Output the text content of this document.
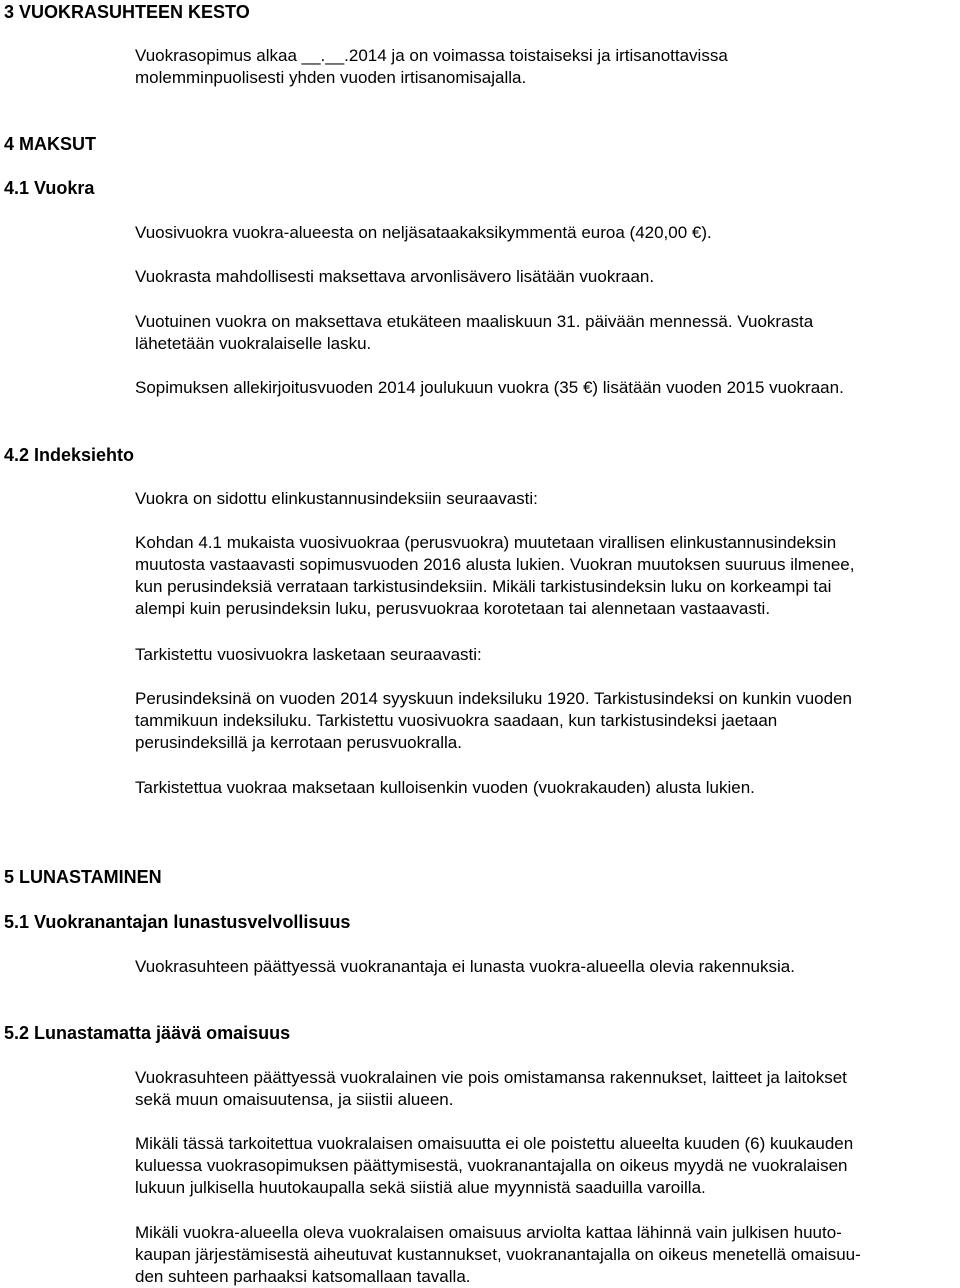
3 VUOKRASUHTEEN KESTO
Vuokrasopimus alkaa __.__.2014 ja on voimassa toistaiseksi ja irtisanottavissa
molemminpuolisesti yhden vuoden irtisanomisajalla.
4 MAKSUT
4.1 Vuokra
Vuosivuokra vuokra-alueesta on neljäsataakaksikymmentä euroa (420,00 €).
Vuokrasta mahdollisesti maksettava arvonlisävero lisätään vuokraan.
Vuotuinen vuokra on maksettava etukäteen maaliskuun 31. päivään mennessä. Vuokrasta
lähetetään vuokralaiselle lasku.
Sopimuksen allekirjoitusvuoden 2014 joulukuun vuokra (35 €) lisätään vuoden 2015 vuokraan.
4.2 Indeksiehto
Vuokra on sidottu elinkustannusindeksiin seuraavasti:
Kohdan 4.1 mukaista vuosivuokraa (perusvuokra) muutetaan virallisen elinkustannusindeksin
muutosta vastaavasti sopimusvuoden 2016 alusta lukien. Vuokran muutoksen suuruus ilmenee,
kun perusindeksiä verrataan tarkistusindeksiin. Mikäli tarkistusindeksin luku on korkeampi tai
alempi kuin perusindeksin luku, perusvuokraa korotetaan tai alennetaan vastaavasti.
Tarkistettu vuosivuokra lasketaan seuraavasti:
Perusindeksinä on vuoden 2014 syyskuun indeksiluku 1920. Tarkistusindeksi on kunkin vuoden
tammikuun indeksiluku. Tarkistettu vuosivuokra saadaan, kun tarkistusindeksi jaetaan
perusindeksillä ja kerrotaan perusvuokralla.
Tarkistettua vuokraa maksetaan kulloisenkin vuoden (vuokrakauden) alusta lukien.
5 LUNASTAMINEN
5.1 Vuokranantajan lunastusvelvollisuus
Vuokrasuhteen päättyessä vuokranantaja ei lunasta vuokra-alueella olevia rakennuksia.
5.2 Lunastamatta jäävä omaisuus
Vuokrasuhteen päättyessä vuokralainen vie pois omistamansa rakennukset, laitteet ja laitokset
sekä muun omaisuutensa, ja siistii alueen.
Mikäli tässä tarkoitettua vuokralaisen omaisuutta ei ole poistettu alueelta kuuden (6) kuukauden
kuluessa vuokrasopimuksen päättymisestä, vuokranantajalla on oikeus myydä ne vuokralaisen
lukuun julkisella huutokaupalla sekä siistiä alue myynnistä saaduilla varoilla.
Mikäli vuokra-alueella oleva vuokralaisen omaisuus arviolta kattaa lähinnä vain julkisen huuto-
kaupan järjestämisestä aiheutuvat kustannukset, vuokranantajalla on oikeus menetellä omaisuu-
den suhteen parhaaksi katsomallaan tavalla.
